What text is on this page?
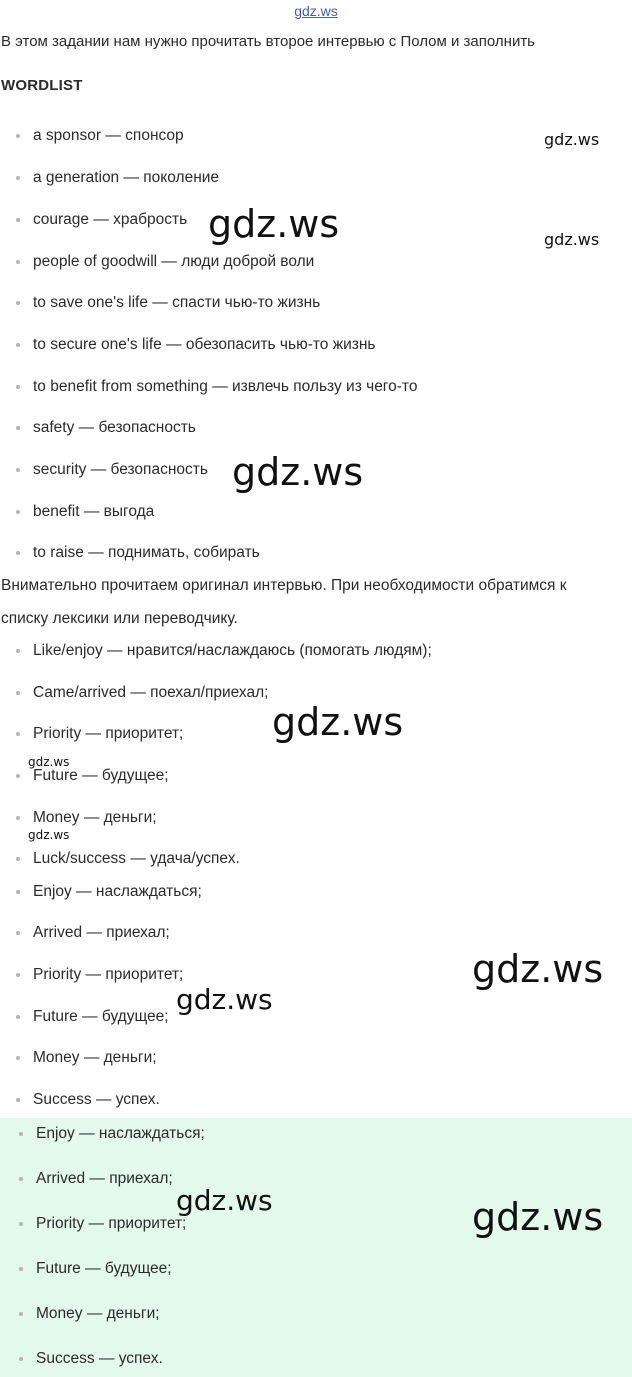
gdz.ws
В этом задании нам нужно прочитать второе интервью с Полом и заполнить
WORDLIST
a sponsor — спонсор
a generation — поколение
courage — храбрость
people of goodwill — люди доброй воли
to save one's life — спасти чью-то жизнь
to secure one's life — обезопасить чью-то жизнь
to benefit from something — извлечь пользу из чего-то
safety — безопасность
security — безопасность
benefit — выгода
to raise — поднимать, собирать
Внимательно прочитаем оригинал интервью. При необходимости обратимся к
списку лексики или переводчику.
Like/enjoy — нравится/наслаждаюсь (помогать людям);
Came/arrived — поехал/приехал;
Priority — приоритет;
Future — будущее;
Money — деньги;
Luck/success — удача/успех.
Enjoy — наслаждаться;
Arrived — приехал;
Priority — приоритет;
Future — будущее;
Money — деньги;
Success — успех.
Enjoy — наслаждаться;
Arrived — приехал;
Priority — приоритет;
Future — будущее;
Money — деньги;
Success — успех.
gdz.ws
gdz.ws	gdz.ws
gdz.ws
gdz.ws
gdz.ws
gdz.ws
gdz.ws
gdz.ws
gdz.ws	gdz.ws
